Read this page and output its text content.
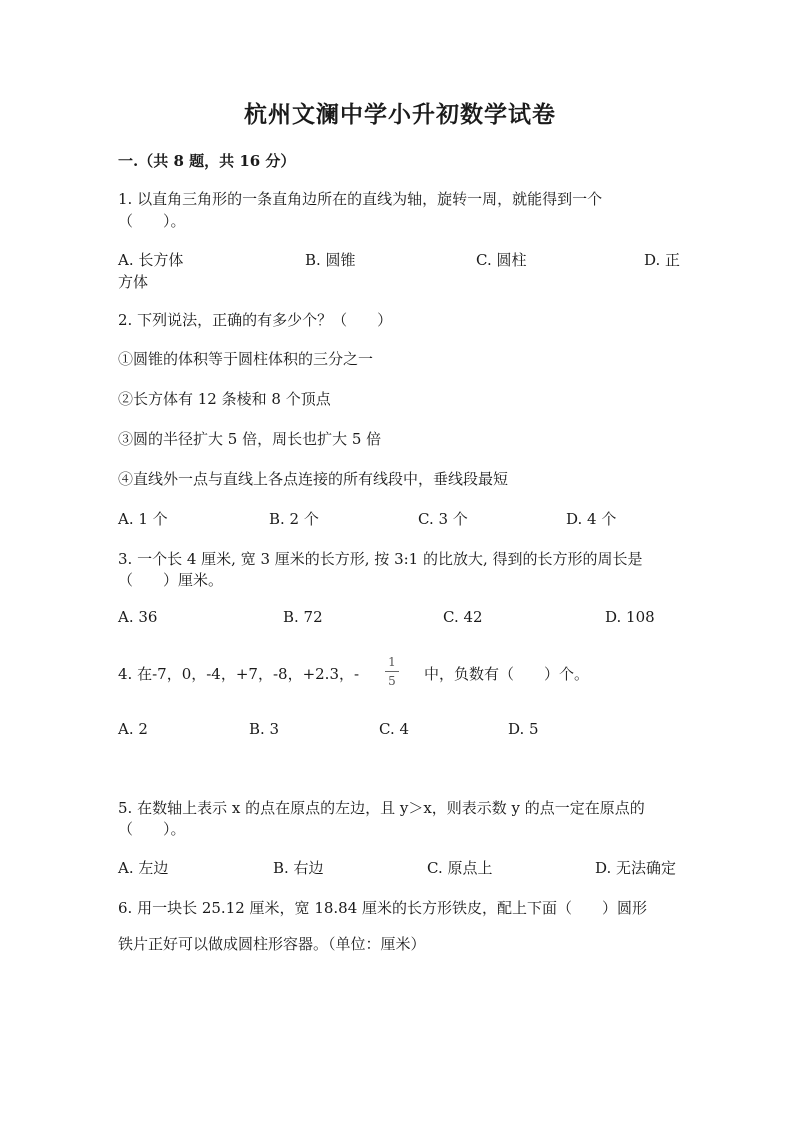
杭州文澜中学小升初数学试卷
一.（共 8 题，共 16 分）
1. 以直角三角形的一条直角边所在的直线为轴，旋转一周，就能得到一个
（　　）。
A. 长方体	B. 圆锥	C. 圆柱	D. 正
方体
2. 下列说法，正确的有多少个？（　　）
①圆锥的体积等于圆柱体积的三分之一
②长方体有 12 条棱和 8 个顶点
③圆的半径扩大 5 倍，周长也扩大 5 倍
④直线外一点与直线上各点连接的所有线段中，垂线段最短
A. 1 个	B. 2 个	C. 3 个	D. 4 个
3. 一个长 4 厘米, 宽 3 厘米的长方形, 按 3:1 的比放大, 得到的长方形的周长是
（　　）厘米。
A. 36	B. 72	C. 42	D. 108
4. 在-7，0，-4，+7，-8，+2.3，-
1
5 中，负数有（　　）个。
A. 2	B. 3	C. 4	D. 5
5. 在数轴上表示 x 的点在原点的左边，且 y＞x，则表示数 y 的点一定在原点的
（　　）。
A. 左边	B. 右边	C. 原点上	D. 无法确定
6. 用一块长 25.12 厘米，宽 18.84 厘米的长方形铁皮，配上下面（　　）圆形
铁片正好可以做成圆柱形容器。（单位：厘米）
